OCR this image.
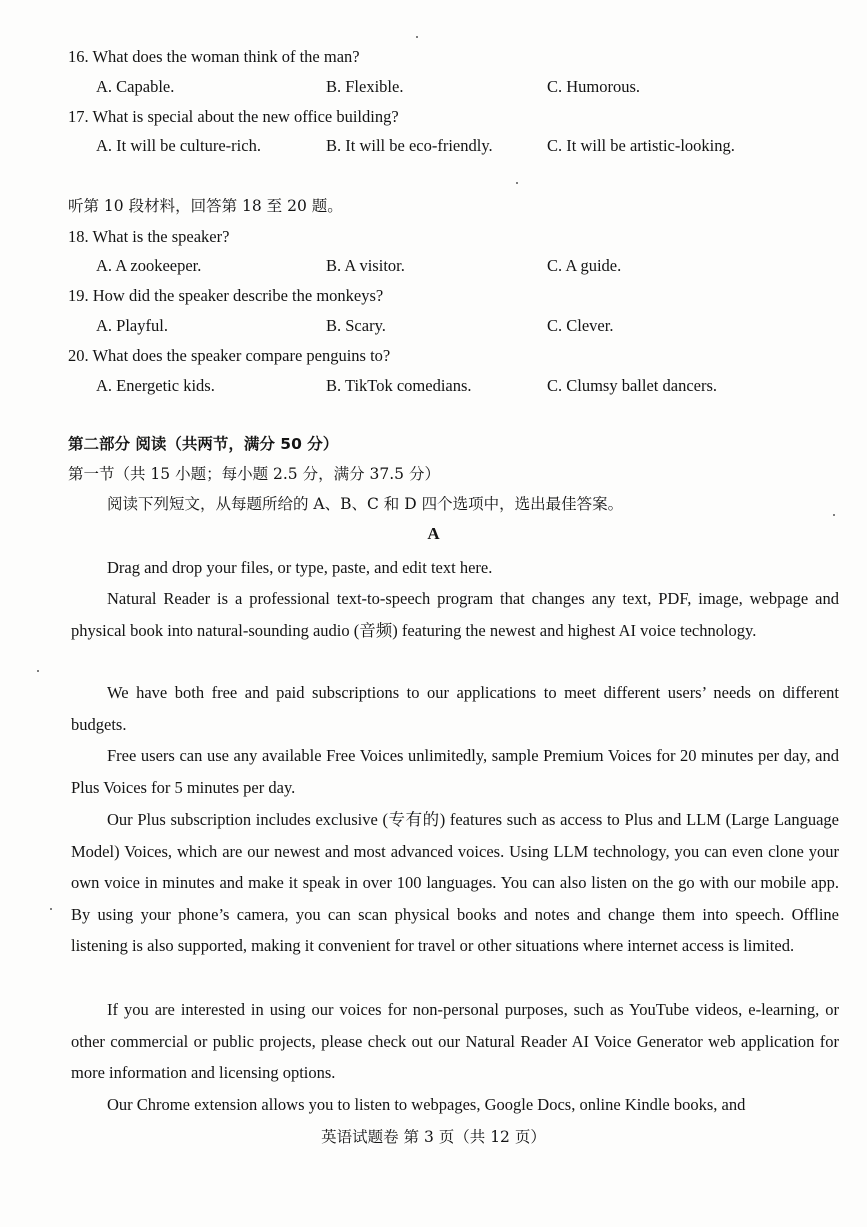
16. What does the woman think of the man?
A. Capable.	B. Flexible.	C. Humorous.
17. What is special about the new office building?
A. It will be culture-rich.	B. It will be eco-friendly.	C. It will be artistic-looking.
听第 10 段材料，回答第 18 至 20 题。
18. What is the speaker?
A. A zookeeper.	B. A visitor.	C. A guide.
19. How did the speaker describe the monkeys?
A. Playful.	B. Scary.	C. Clever.
20. What does the speaker compare penguins to?
A. Energetic kids.	B. TikTok comedians.	C. Clumsy ballet dancers.
第二部分 阅读（共两节，满分 50 分）
第一节（共 15 小题；每小题 2.5 分，满分 37.5 分）
阅读下列短文，从每题所给的 A、B、C 和 D 四个选项中，选出最佳答案。
A
Drag and drop your files, or type, paste, and edit text here.
Natural Reader is a professional text-to-speech program that changes any text, PDF, image, webpage and physical book into natural-sounding audio (音频) featuring the newest and highest AI voice technology.
We have both free and paid subscriptions to our applications to meet different users’ needs on different budgets.
Free users can use any available Free Voices unlimitedly, sample Premium Voices for 20 minutes per day, and Plus Voices for 5 minutes per day.
Our Plus subscription includes exclusive (专有的) features such as access to Plus and LLM (Large Language Model) Voices, which are our newest and most advanced voices. Using LLM technology, you can even clone your own voice in minutes and make it speak in over 100 languages. You can also listen on the go with our mobile app. By using your phone’s camera, you can scan physical books and notes and change them into speech. Offline listening is also supported, making it convenient for travel or other situations where internet access is limited.
If you are interested in using our voices for non-personal purposes, such as YouTube videos, e-learning, or other commercial or public projects, please check out our Natural Reader AI Voice Generator web application for more information and licensing options.
Our Chrome extension allows you to listen to webpages, Google Docs, online Kindle books, and
英语试题卷 第 3 页（共 12 页）
